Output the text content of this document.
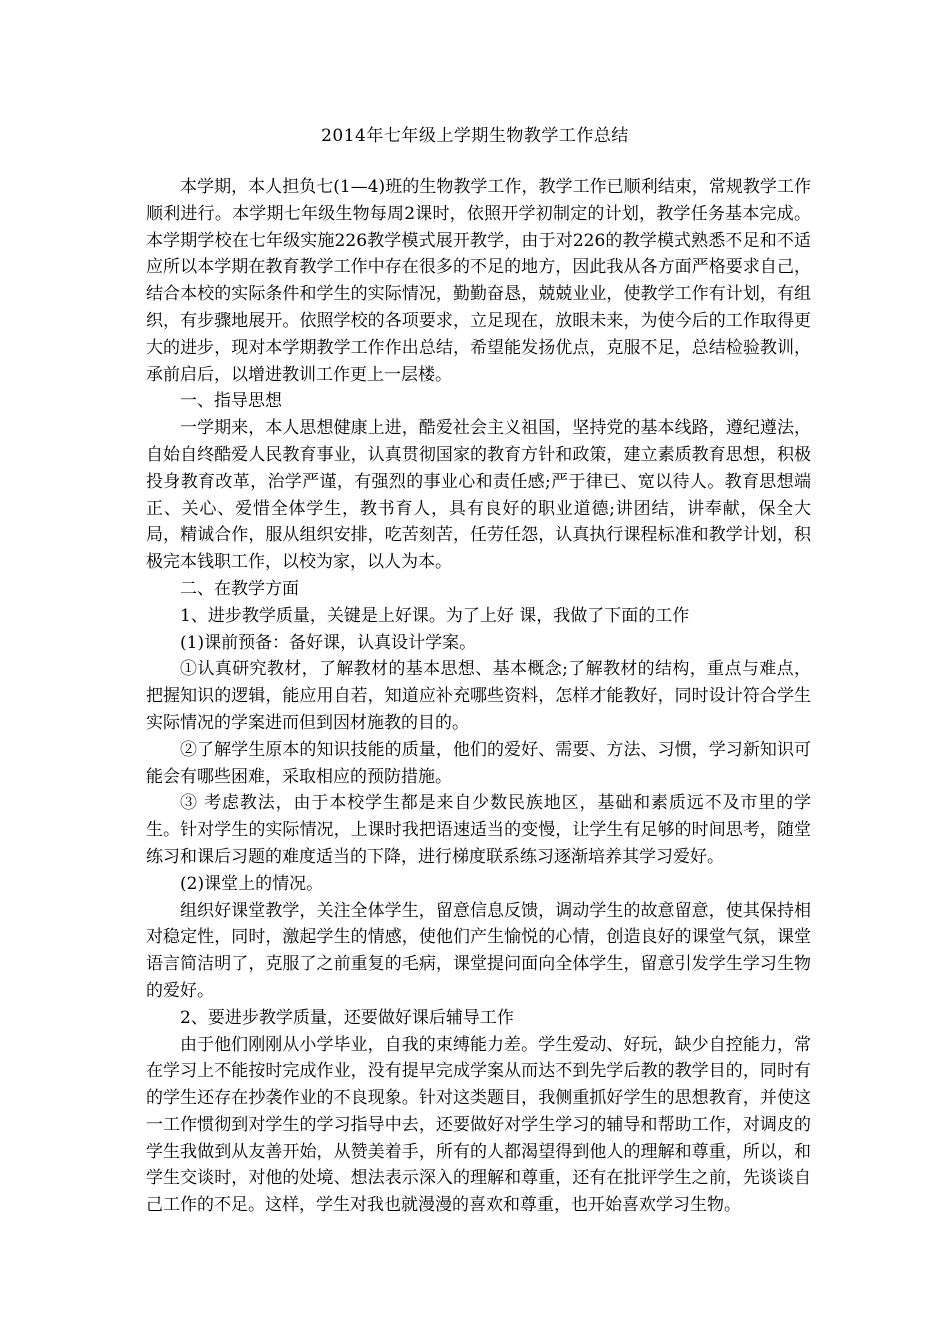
2014年七年级上学期生物教学工作总结

本学期，本人担负七(1—4)班的生物教学工作，教学工作已顺利结束，常规教学工作顺利进行。本学期七年级生物每周2课时，依照开学初制定的计划，教学任务基本完成。本学期学校在七年级实施226教学模式展开教学，由于对226的教学模式熟悉不足和不适应所以本学期在教育教学工作中存在很多的不足的地方，因此我从各方面严格要求自己，结合本校的实际条件和学生的实际情况，勤勤奋恳，兢兢业业，使教学工作有计划，有组织，有步骤地展开。依照学校的各项要求，立足现在，放眼未来，为使今后的工作取得更大的进步，现对本学期教学工作作出总结，希望能发扬优点，克服不足，总结检验教训，承前启后，以增进教训工作更上一层楼。

一、指导思想

一学期来，本人思想健康上进，酷爱社会主义祖国，坚持党的基本线路，遵纪遵法，自始自终酷爱人民教育事业，认真贯彻国家的教育方针和政策，建立素质教育思想，积极投身教育改革，治学严谨，有强烈的事业心和责任感;严于律已、宽以待人。教育思想端正、关心、爱惜全体学生，教书育人，具有良好的职业道德;讲团结，讲奉献，保全大局，精诚合作，服从组织安排，吃苦刻苦，任劳任怨，认真执行课程标准和教学计划，积极完本钱职工作，以校为家，以人为本。

二、在教学方面

1、进步教学质量，关键是上好课。为了上好 课，我做了下面的工作

(1)课前预备：备好课，认真设计学案。

①认真研究教材，了解教材的基本思想、基本概念;了解教材的结构，重点与难点，把握知识的逻辑，能应用自若，知道应补充哪些资料，怎样才能教好，同时设计符合学生实际情况的学案进而但到因材施教的目的。

②了解学生原本的知识技能的质量，他们的爱好、需要、方法、习惯，学习新知识可能会有哪些困难，采取相应的预防措施。

③ 考虑教法，由于本校学生都是来自少数民族地区，基础和素质远不及市里的学生。针对学生的实际情况，上课时我把语速适当的变慢，让学生有足够的时间思考，随堂练习和课后习题的难度适当的下降，进行梯度联系练习逐渐培养其学习爱好。

(2)课堂上的情况。

组织好课堂教学，关注全体学生，留意信息反馈，调动学生的故意留意，使其保持相对稳定性，同时，激起学生的情感，使他们产生愉悦的心情，创造良好的课堂气氛，课堂语言简洁明了，克服了之前重复的毛病，课堂提问面向全体学生，留意引发学生学习生物的爱好。

2、要进步教学质量，还要做好课后辅导工作

由于他们刚刚从小学毕业，自我的束缚能力差。学生爱动、好玩，缺少自控能力，常在学习上不能按时完成作业，没有提早完成学案从而达不到先学后教的教学目的，同时有的学生还存在抄袭作业的不良现象。针对这类题目，我侧重抓好学生的思想教育，并使这一工作惯彻到对学生的学习指导中去，还要做好对学生学习的辅导和帮助工作，对调皮的学生我做到从友善开始，从赞美着手，所有的人都渴望得到他人的理解和尊重，所以，和学生交谈时，对他的处境、想法表示深入的理解和尊重，还有在批评学生之前，先谈谈自己工作的不足。这样，学生对我也就漫漫的喜欢和尊重，也开始喜欢学习生物。
